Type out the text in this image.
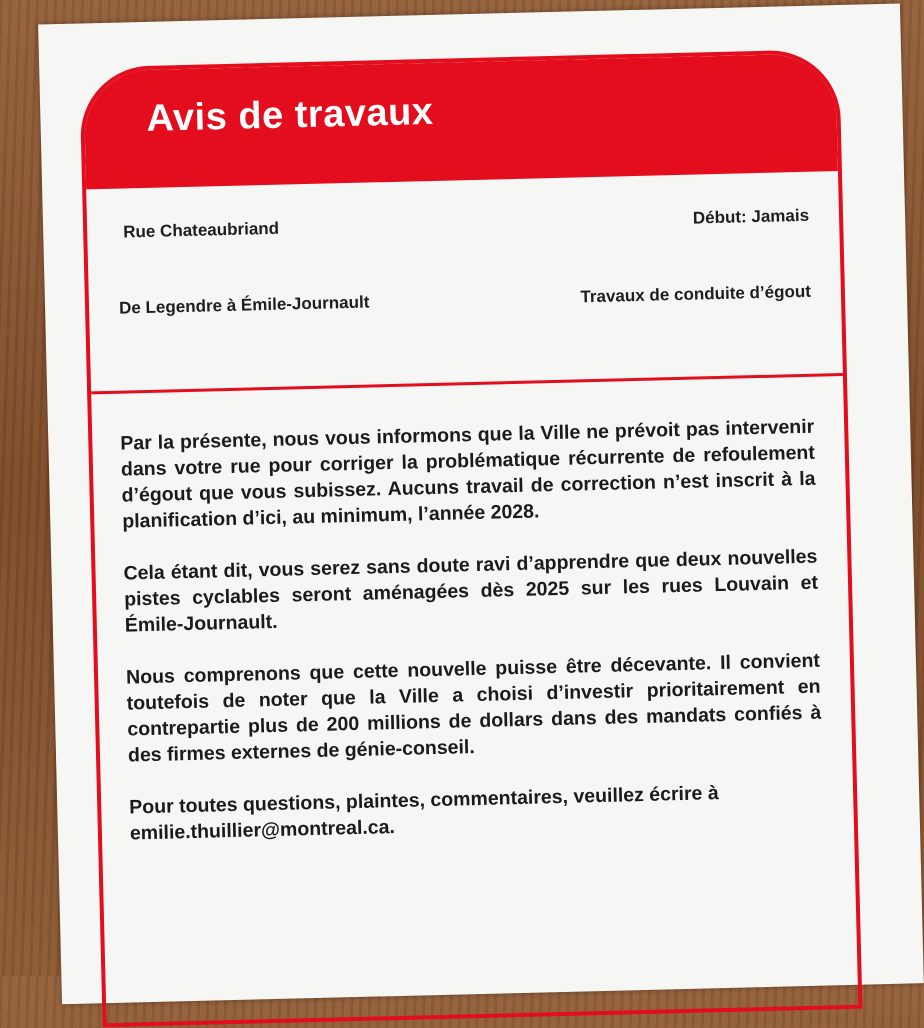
Avis de travaux
Rue Chateaubriand
Début: Jamais
De Legendre à Émile-Journault	Travaux de conduite d’égout

Par la présente, nous vous informons que la Ville ne prévoit pas intervenir dans votre rue pour corriger la problématique récurrente de refoulement d’égout que vous subissez. Aucuns travail de correction n’est inscrit à la planification d’ici, au minimum, l’année 2028.

Cela étant dit, vous serez sans doute ravi d’apprendre que deux nouvelles pistes cyclables seront aménagées dès 2025 sur les rues Louvain et Émile-Journault.

Nous comprenons que cette nouvelle puisse être décevante. Il convient toutefois de noter que la Ville a choisi d’investir prioritairement en contrepartie plus de 200 millions de dollars dans des mandats confiés à des firmes externes de génie-conseil.

Pour toutes questions, plaintes, commentaires, veuillez écrire à emilie.thuillier@montreal.ca.
